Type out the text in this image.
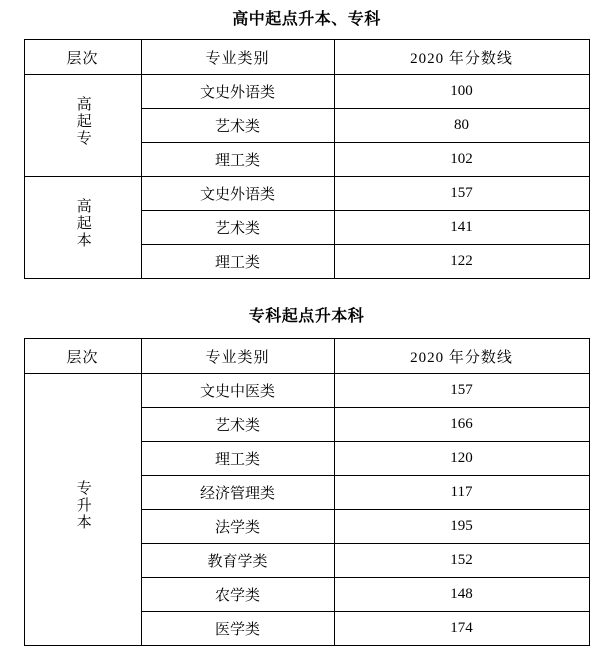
高中起点升本、专科
层次	专业类别	2020 年分数线
高起专	文史外语类	100
	艺术类	80
	理工类	102
高起本	文史外语类	157
	艺术类	141
	理工类	122
专科起点升本科
层次	专业类别	2020 年分数线
专升本	文史中医类	157
	艺术类	166
	理工类	120
	经济管理类	117
	法学类	195
	教育学类	152
	农学类	148
	医学类	174
